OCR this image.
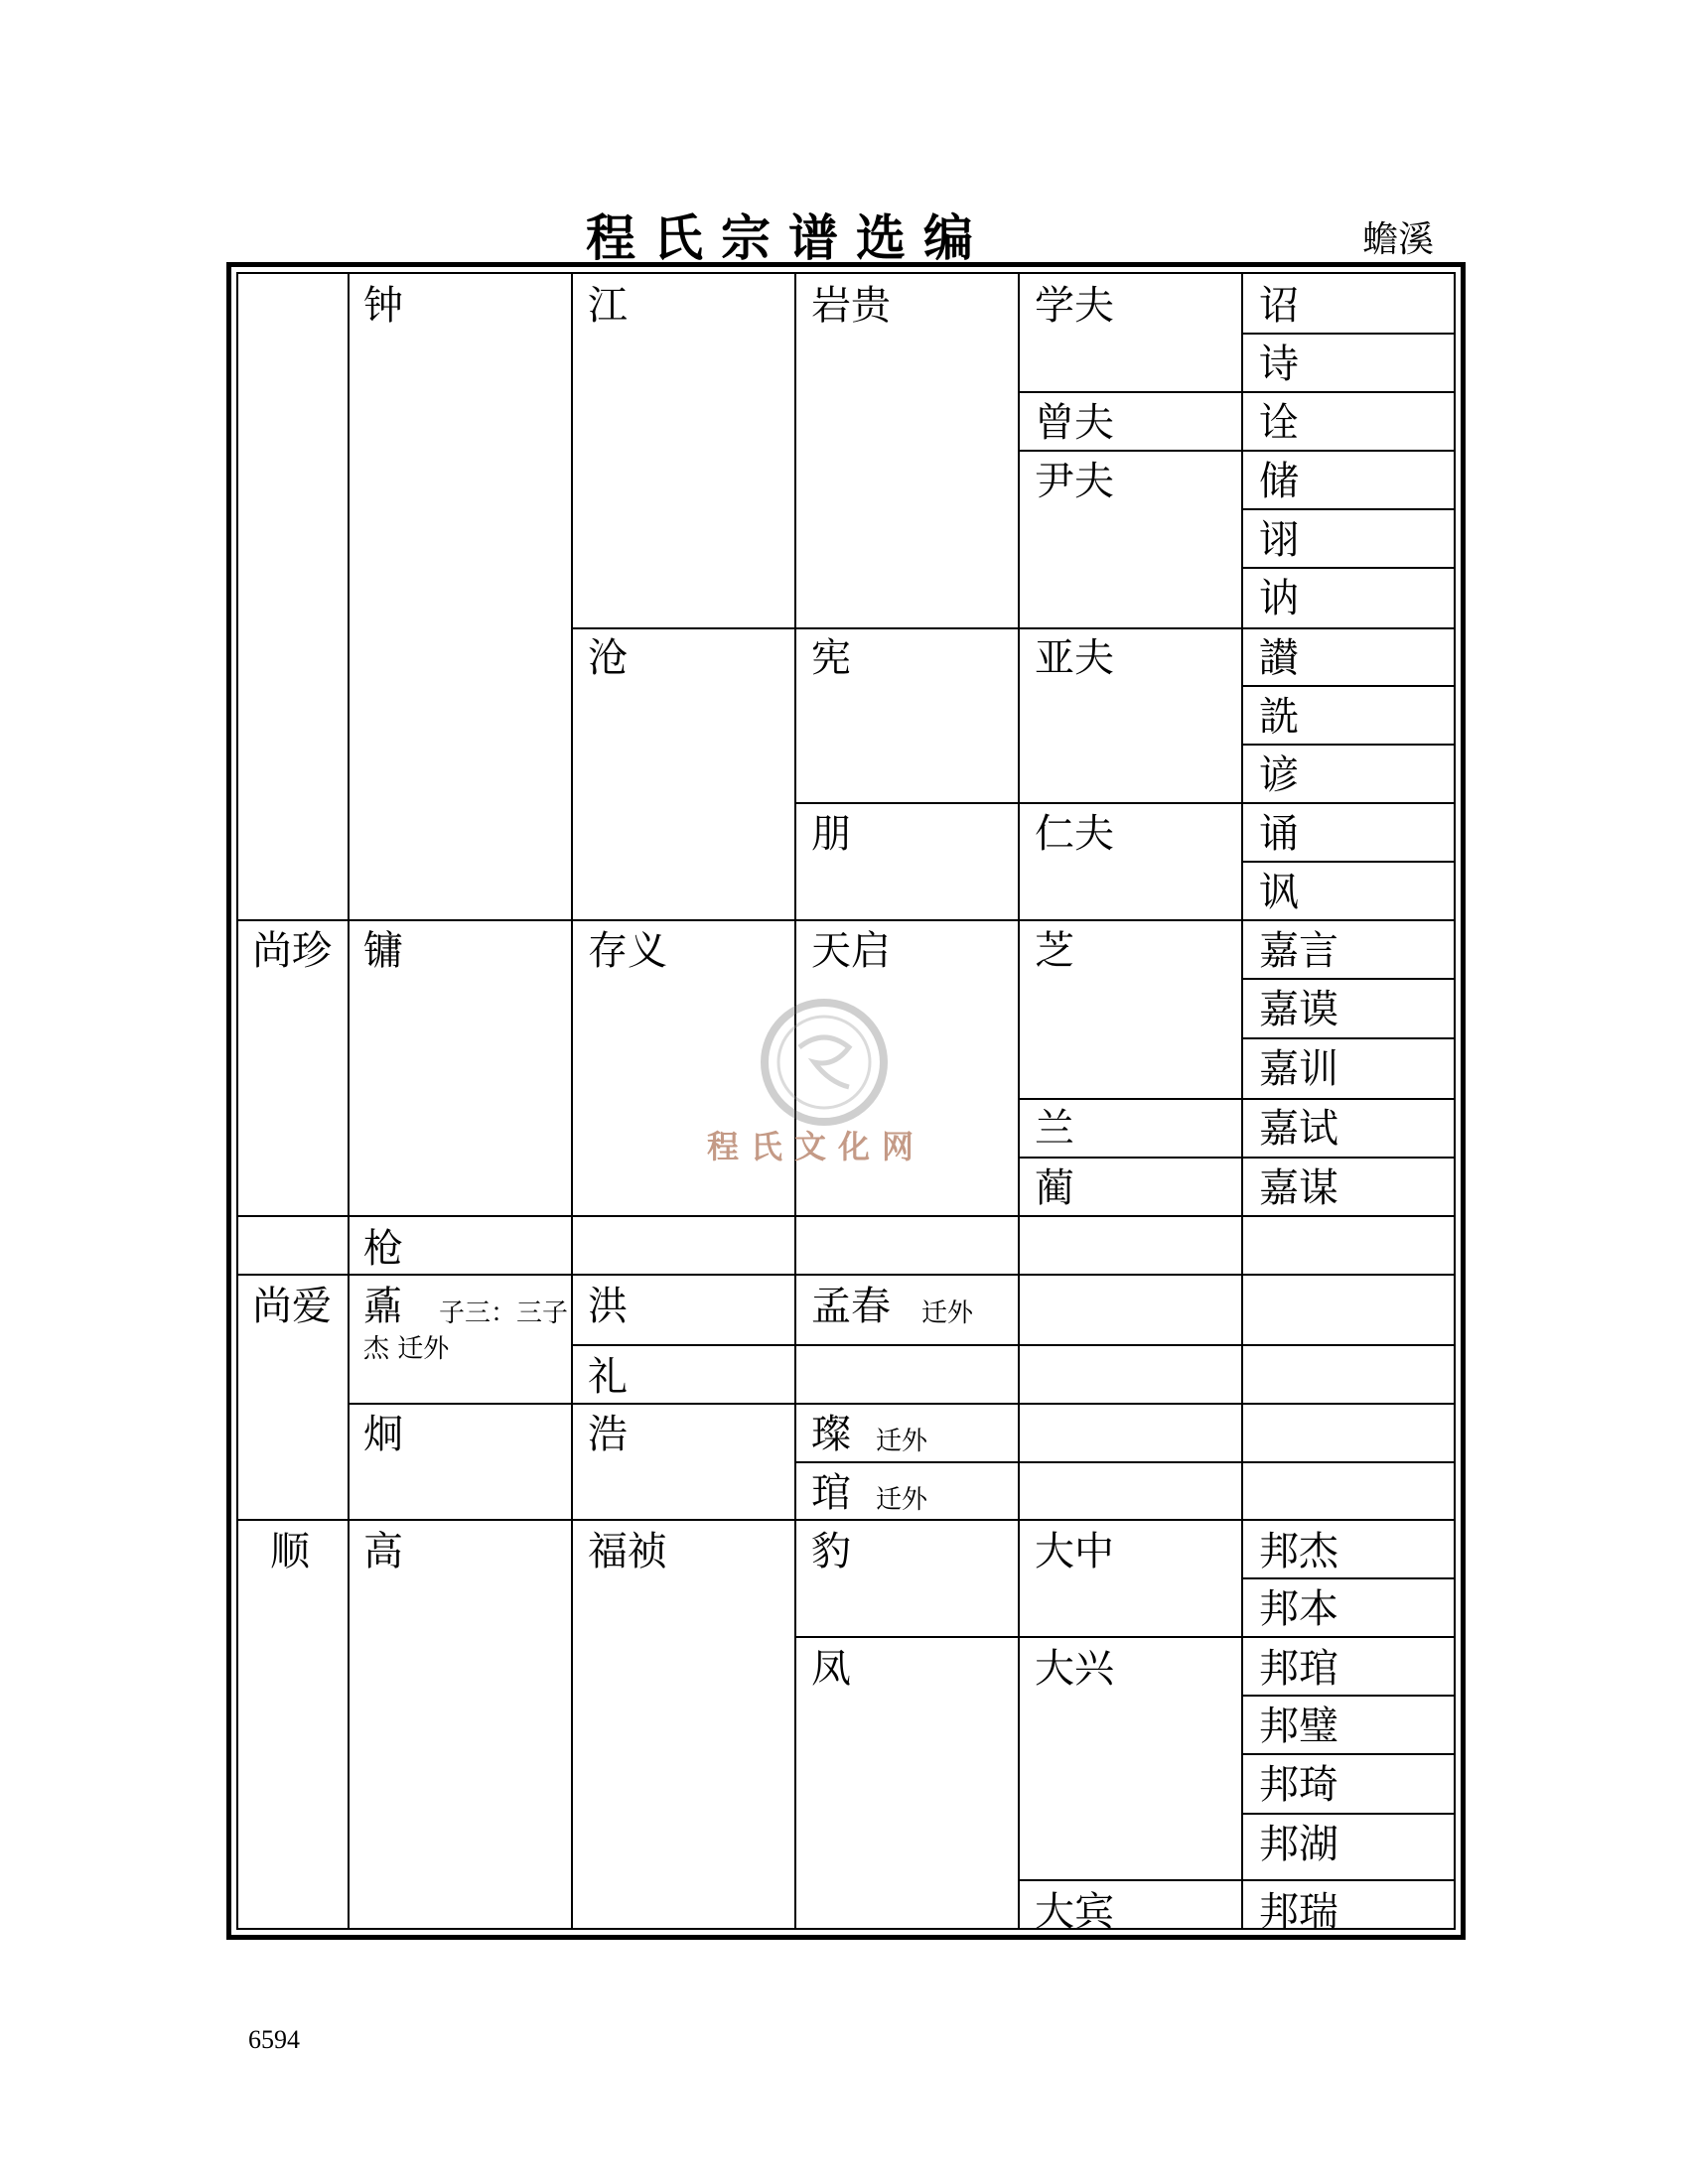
程氏宗谱选编	蟾溪
程氏文化网
尚珍
尚爱
顺
钟
镛
枪
鼒	子三：三子杰 迁外
炯
高
江
沧
存义
洪
礼
浩
福祯
岩贵
宪
朋
天启
孟春 迁外
璨 迁外
琯 迁外
豹
凤
学夫
曾夫
尹夫
亚夫
仁夫
芝
兰
蔺
大中
大兴
大宾
诏
诗
诠
储
诩
讷
讃
詵
谚
诵
讽
嘉言
嘉谟
嘉训
嘉试
嘉谋
邦杰
邦本
邦琯
邦璧
邦琦
邦湖
邦瑞
6594
